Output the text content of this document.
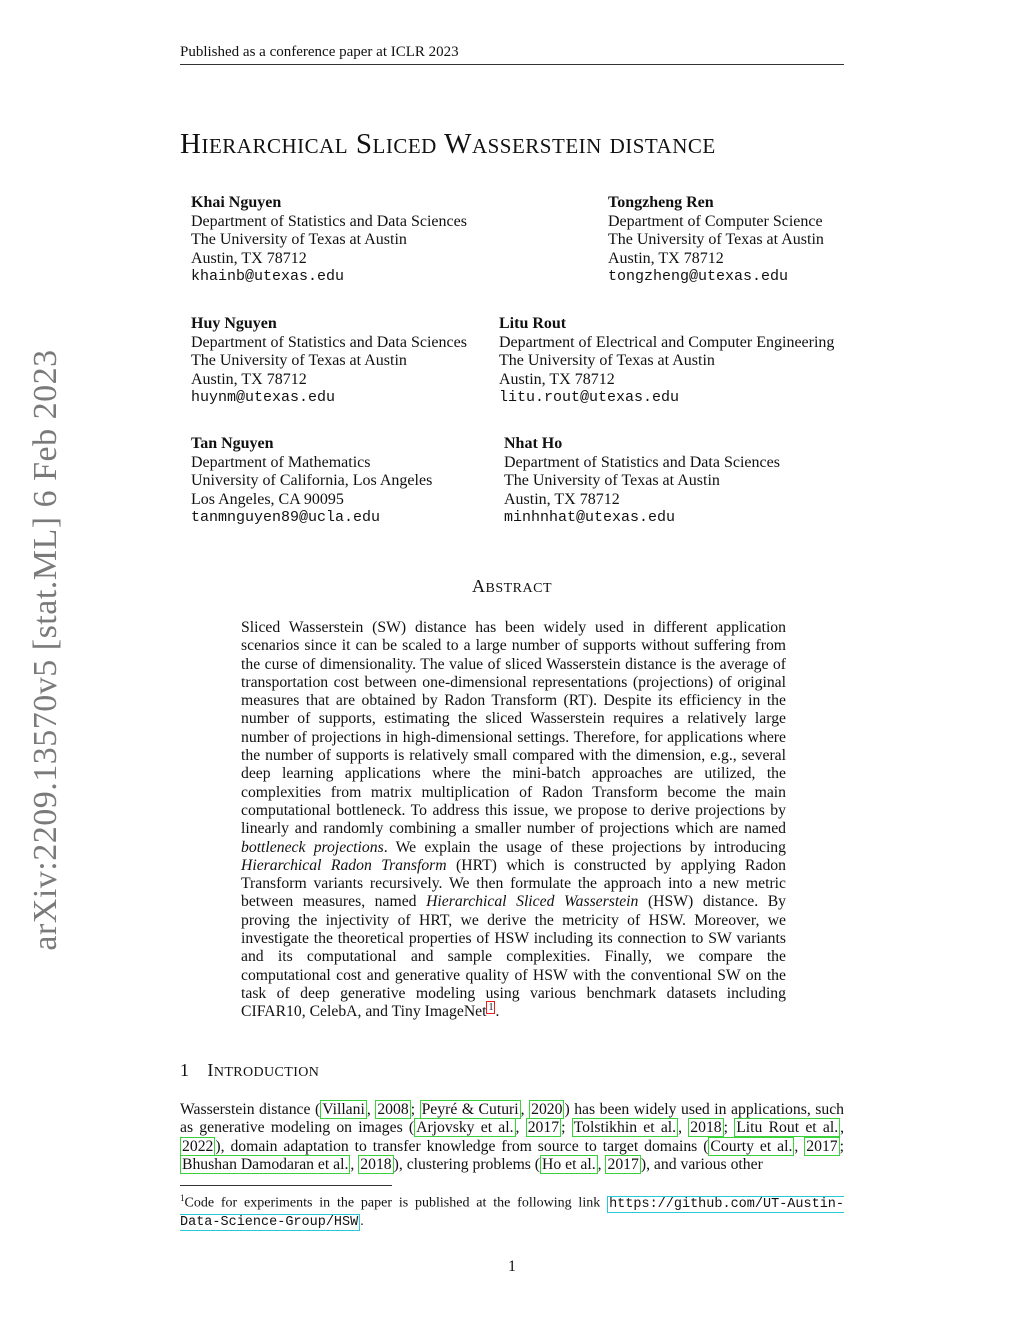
Published as a conference paper at ICLR 2023
arXiv:2209.13570v5 [stat.ML] 6 Feb 2023
HIERARCHICAL SLICED WASSERSTEIN DISTANCE
Khai Nguyen
Department of Statistics and Data Sciences
The University of Texas at Austin
Austin, TX 78712
khainb@utexas.edu
Tongzheng Ren
Department of Computer Science
The University of Texas at Austin
Austin, TX 78712
tongzheng@utexas.edu
Huy Nguyen
Department of Statistics and Data Sciences
The University of Texas at Austin
Austin, TX 78712
huynm@utexas.edu
Litu Rout
Department of Electrical and Computer Engineering
The University of Texas at Austin
Austin, TX 78712
litu.rout@utexas.edu
Tan Nguyen
Department of Mathematics
University of California, Los Angeles
Los Angeles, CA 90095
tanmnguyen89@ucla.edu
Nhat Ho
Department of Statistics and Data Sciences
The University of Texas at Austin
Austin, TX 78712
minhnhat@utexas.edu
ABSTRACT
Sliced Wasserstein (SW) distance has been widely used in different application scenarios since it can be scaled to a large number of supports without suffering from the curse of dimensionality. The value of sliced Wasserstein distance is the average of transportation cost between one-dimensional representations (projections) of original measures that are obtained by Radon Transform (RT). Despite its efficiency in the number of supports, estimating the sliced Wasserstein requires a relatively large number of projections in high-dimensional settings. Therefore, for applications where the number of supports is relatively small compared with the dimension, e.g., several deep learning applications where the mini-batch approaches are utilized, the complexities from matrix multiplication of Radon Transform become the main computational bottleneck. To address this issue, we propose to derive projections by linearly and randomly combining a smaller number of projections which are named bottleneck projections. We explain the usage of these projections by introducing Hierarchical Radon Transform (HRT) which is constructed by applying Radon Transform variants recursively. We then formulate the approach into a new metric between measures, named Hierarchical Sliced Wasserstein (HSW) distance. By proving the injectivity of HRT, we derive the metricity of HSW. Moreover, we investigate the theoretical properties of HSW including its connection to SW variants and its computational and sample complexities. Finally, we compare the computational cost and generative quality of HSW with the conventional SW on the task of deep generative modeling using various benchmark datasets including CIFAR10, CelebA, and Tiny ImageNet $^1$ .
1 INTRODUCTION
Wasserstein distance ( Villani , 2008 ; Peyré & Cuturi , 2020 ) has been widely used in applications, such as generative modeling on images ( Arjovsky et al. , 2017 ; Tolstikhin et al. , 2018 ; Litu Rout et al. , 2022 ), domain adaptation to transfer knowledge from source to target domains ( Courty et al. , 2017 ; Bhushan Damodaran et al. , 2018 ), clustering problems ( Ho et al. , 2017 ), and various other
$^1$Code for experiments in the paper is published at the following link https://github.com/UT-Austin-Data-Science-Group/HSW .
1
